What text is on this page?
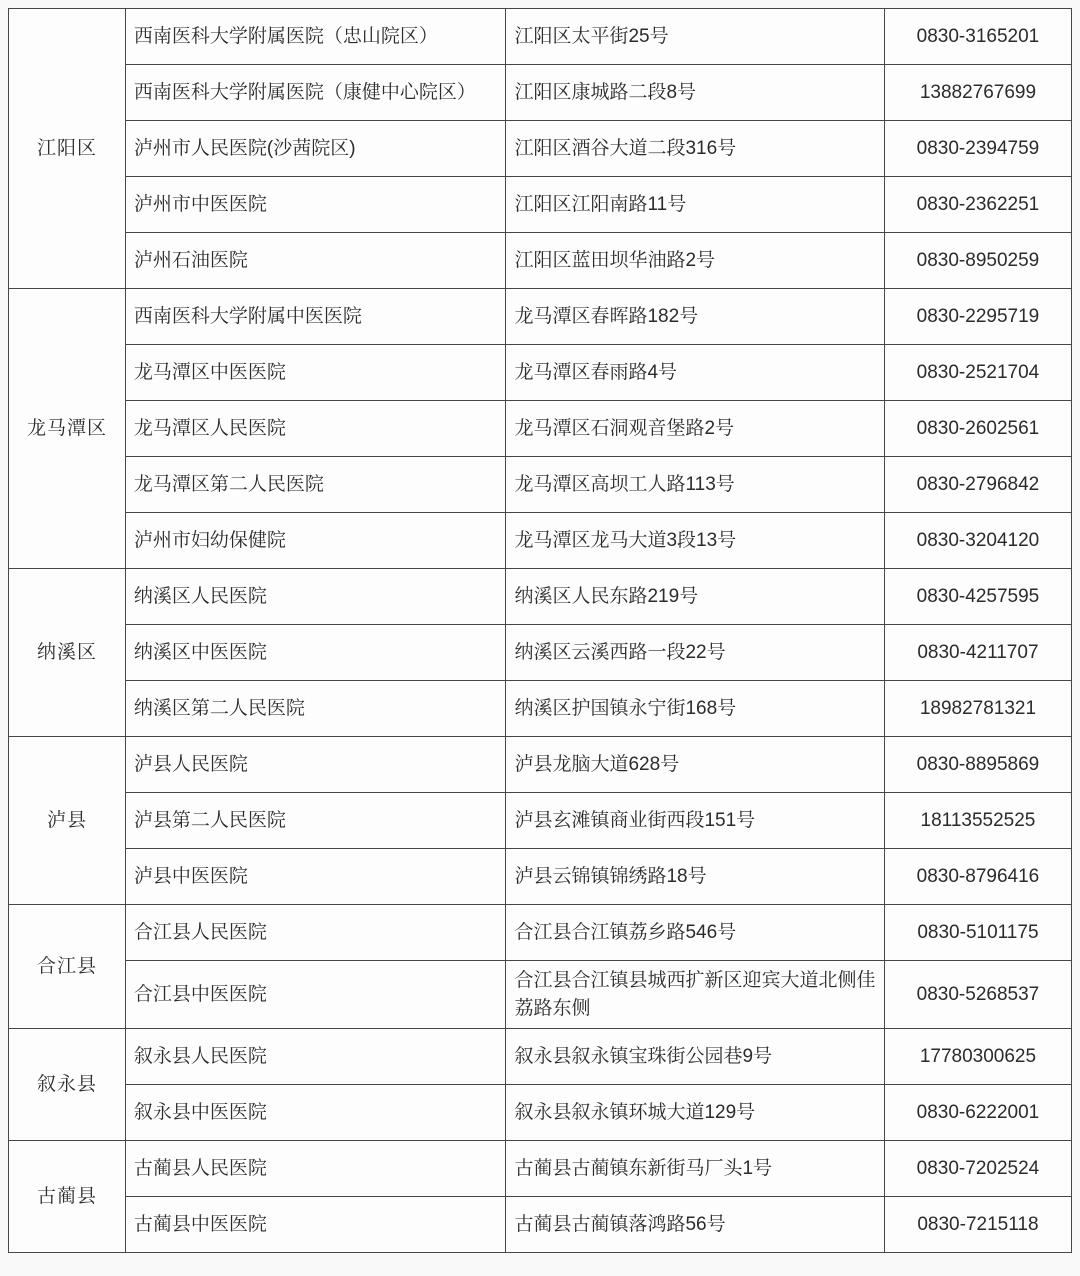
江阳区	西南医科大学附属医院（忠山院区）	江阳区太平街25号	0830-3165201
	西南医科大学附属医院（康健中心院区）	江阳区康城路二段8号	13882767699
	泸州市人民医院(沙茜院区)	江阳区酒谷大道二段316号	0830-2394759
	泸州市中医医院	江阳区江阳南路11号	0830-2362251
	泸州石油医院	江阳区蓝田坝华油路2号	0830-8950259
龙马潭区	西南医科大学附属中医医院	龙马潭区春晖路182号	0830-2295719
	龙马潭区中医医院	龙马潭区春雨路4号	0830-2521704
	龙马潭区人民医院	龙马潭区石洞观音堡路2号	0830-2602561
	龙马潭区第二人民医院	龙马潭区高坝工人路113号	0830-2796842
	泸州市妇幼保健院	龙马潭区龙马大道3段13号	0830-3204120
纳溪区	纳溪区人民医院	纳溪区人民东路219号	0830-4257595
	纳溪区中医医院	纳溪区云溪西路一段22号	0830-4211707
	纳溪区第二人民医院	纳溪区护国镇永宁街168号	18982781321
泸县	泸县人民医院	泸县龙脑大道628号	0830-8895869
	泸县第二人民医院	泸县玄滩镇商业街西段151号	18113552525
	泸县中医医院	泸县云锦镇锦绣路18号	0830-8796416
合江县	合江县人民医院	合江县合江镇荔乡路546号	0830-5101175
	合江县中医医院	合江县合江镇县城西扩新区迎宾大道北侧佳荔路东侧	0830-5268537
叙永县	叙永县人民医院	叙永县叙永镇宝珠街公园巷9号	17780300625
	叙永县中医医院	叙永县叙永镇环城大道129号	0830-6222001
古蔺县	古蔺县人民医院	古蔺县古蔺镇东新街马厂头1号	0830-7202524
	古蔺县中医医院	古蔺县古蔺镇落鸿路56号	0830-7215118
